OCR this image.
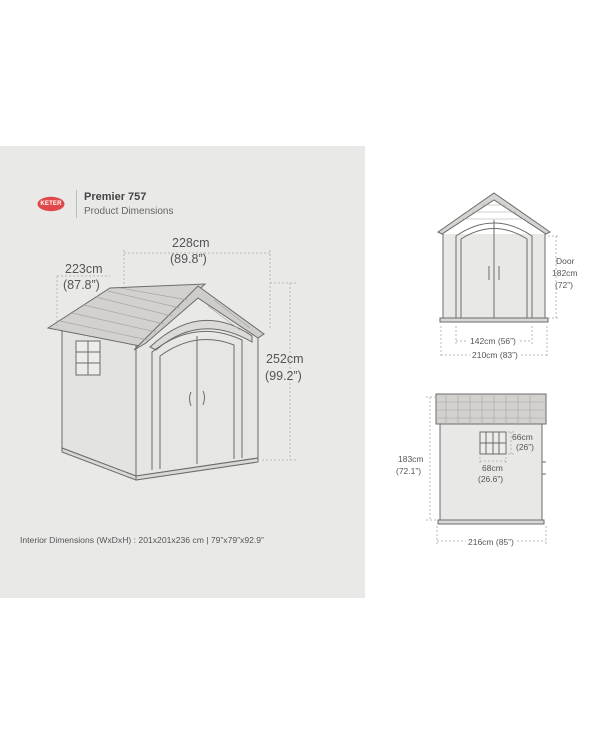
KETER
Premier 757
Product Dimensions
228cm
(89.8”)
223cm
(87.8”)
252cm
(99.2”)
Interior Dimensions (WxDxH) : 201x201x236 cm | 79”x79”x92.9”
Door
182cm
(72”)
142cm (56”)
210cm (83”)
183cm
(72.1”)
66cm
(26”)
68cm
(26.6”)
216cm (85”)
